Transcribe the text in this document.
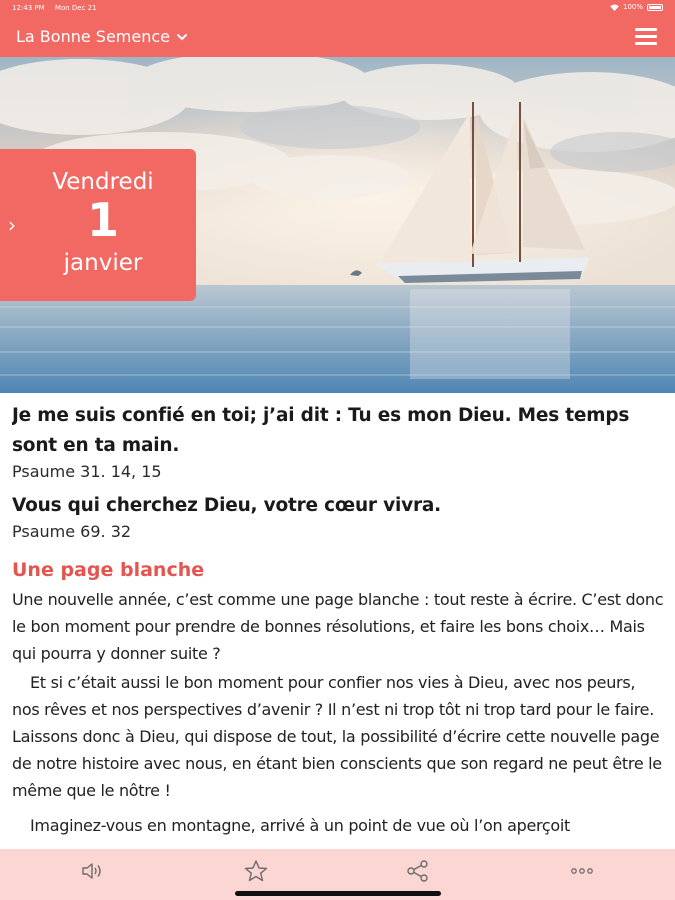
12:43 PM Mon Dec 21	100%
La Bonne Semence
›
Vendredi
1
janvier
Je me suis confié en toi; j’ai dit : Tu es mon Dieu. Mes temps sont en ta main.
Psaume 31. 14, 15
Vous qui cherchez Dieu, votre cœur vivra.
Psaume 69. 32
Une page blanche

Une nouvelle année, c’est comme une page blanche : tout reste à écrire. C’est donc le bon moment pour prendre de bonnes résolutions, et faire les bons choix… Mais qui pourra y donner suite ?

Et si c’était aussi le bon moment pour confier nos vies à Dieu, avec nos peurs, nos rêves et nos perspectives d’avenir ? Il n’est ni trop tôt ni trop tard pour le faire. Laissons donc à Dieu, qui dispose de tout, la possibilité d’écrire cette nouvelle page de notre histoire avec nous, en étant bien conscients que son regard ne peut être le même que le nôtre !

Imaginez-vous en montagne, arrivé à un point de vue où l’on aperçoit
